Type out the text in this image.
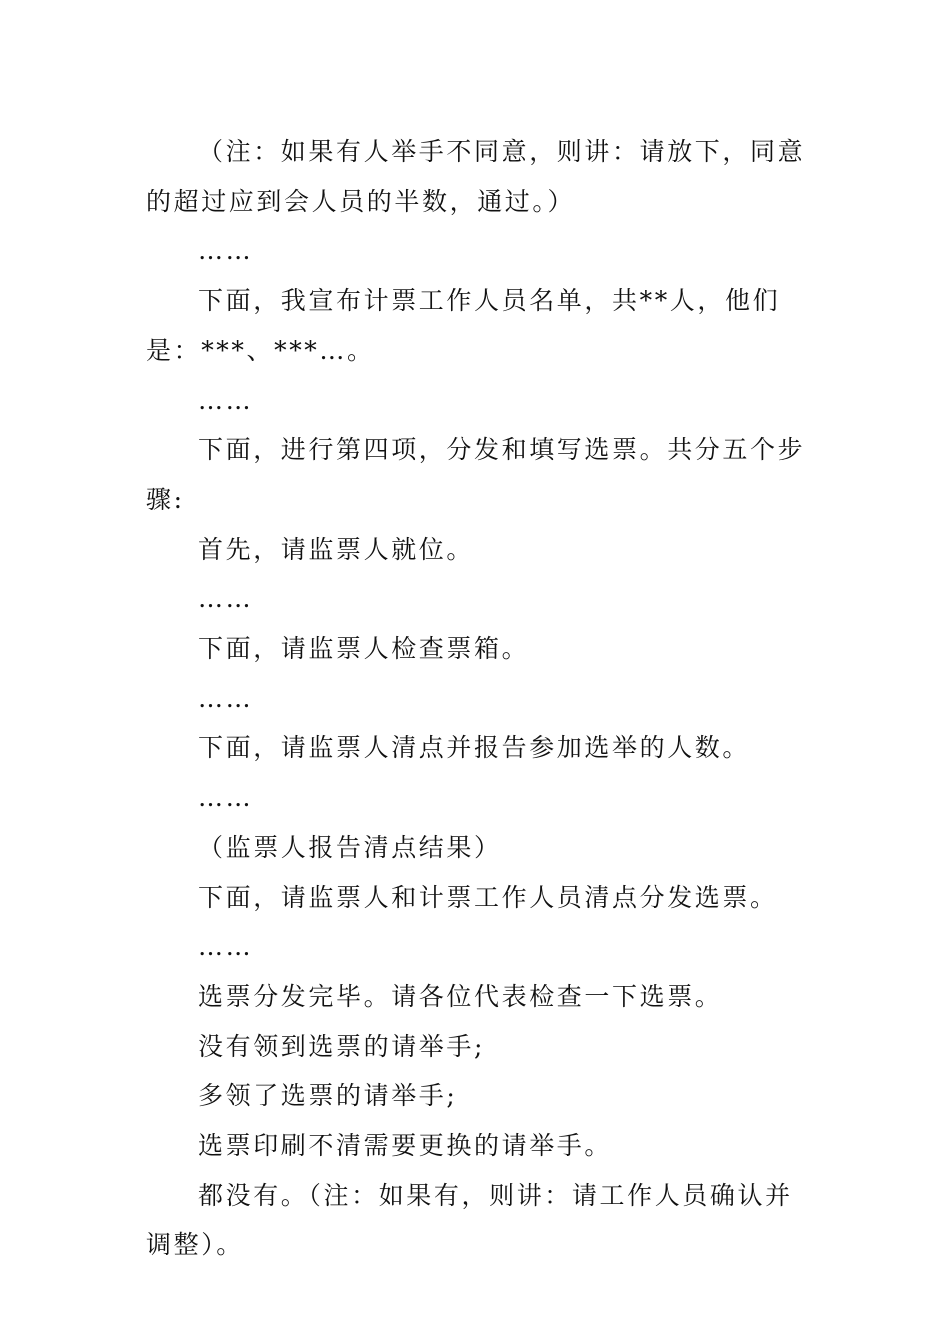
（注：如果有人举手不同意，则讲：请放下，同意的超过应到会人员的半数，通过。）

……

下面，我宣布计票工作人员名单，共**人，他们是：***、***…。

……

下面，进行第四项，分发和填写选票。共分五个步骤:

首先，请监票人就位。

……

下面，请监票人检查票箱。

……

下面，请监票人清点并报告参加选举的人数。

……

（监票人报告清点结果）

下面，请监票人和计票工作人员清点分发选票。

……

选票分发完毕。请各位代表检查一下选票。

没有领到选票的请举手;

多领了选票的请举手;

选票印刷不清需要更换的请举手。

都没有。（注：如果有，则讲：请工作人员确认并调整）。
